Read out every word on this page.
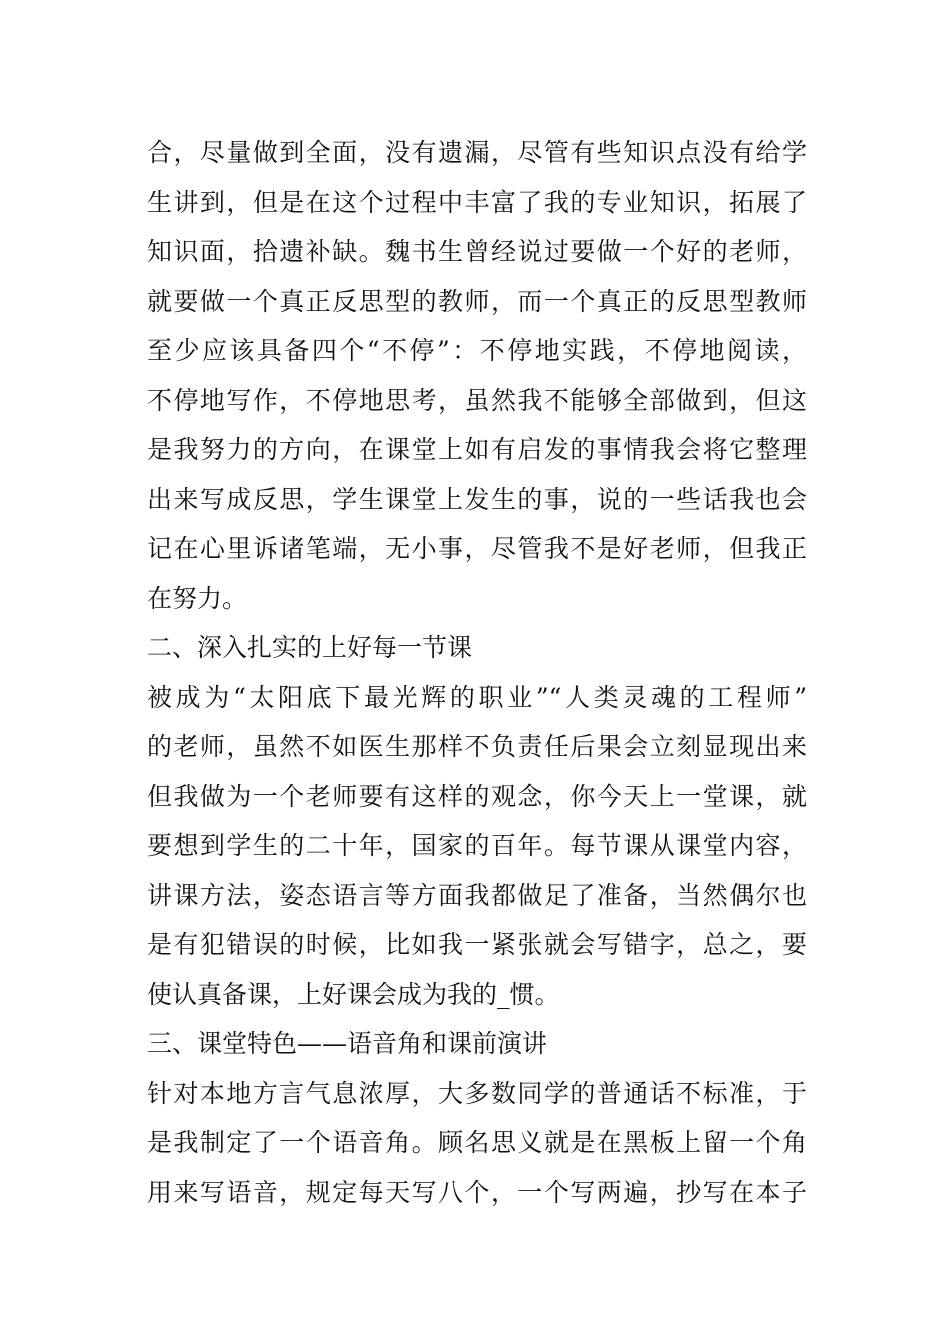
合，尽量做到全面，没有遗漏，尽管有些知识点没有给学
生讲到，但是在这个过程中丰富了我的专业知识，拓展了
知识面，拾遗补缺。魏书生曾经说过要做一个好的老师，
就要做一个真正反思型的教师，而一个真正的反思型教师
至少应该具备四个“不停”：不停地实践，不停地阅读，
不停地写作，不停地思考，虽然我不能够全部做到，但这
是我努力的方向，在课堂上如有启发的事情我会将它整理
出来写成反思，学生课堂上发生的事，说的一些话我也会
记在心里诉诸笔端，无小事，尽管我不是好老师，但我正
在努力。
二、深入扎实的上好每一节课
被成为“太阳底下最光辉的职业”“人类灵魂的工程师”
的老师，虽然不如医生那样不负责任后果会立刻显现出来
但我做为一个老师要有这样的观念，你今天上一堂课，就
要想到学生的二十年，国家的百年。每节课从课堂内容，
讲课方法，姿态语言等方面我都做足了准备，当然偶尔也
是有犯错误的时候，比如我一紧张就会写错字，总之，要
使认真备课，上好课会成为我的_惯。
三、课堂特色——语音角和课前演讲
针对本地方言气息浓厚，大多数同学的普通话不标准，于
是我制定了一个语音角。顾名思义就是在黑板上留一个角
用来写语音，规定每天写八个，一个写两遍，抄写在本子
